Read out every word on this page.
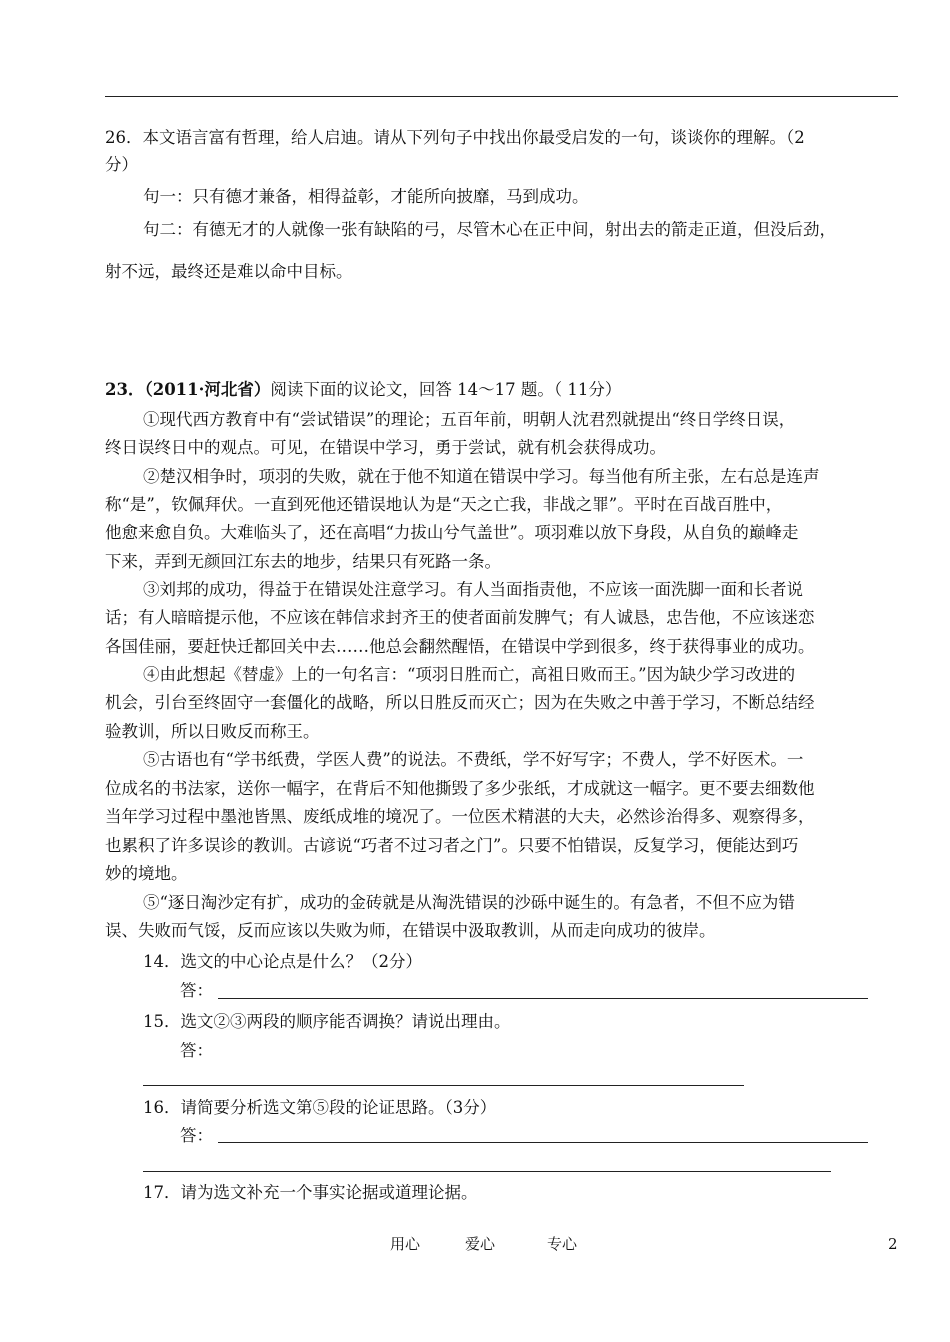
26．本文语言富有哲理，给人启迪。请从下列句子中找出你最受启发的一句，谈谈你的理解。（2
分）
句一：只有德才兼备，相得益彰，才能所向披靡，马到成功。
句二：有德无才的人就像一张有缺陷的弓，尽管木心在正中间，射出去的箭走正道，但没后劲，
射不远，最终还是难以命中目标。
23．（2011·河北省）阅读下面的议论文，回答 14～17 题。（ 11分）
①现代西方教育中有“尝试错误”的理论；五百年前，明朝人沈君烈就提出“终日学终日误，
终日误终日中的观点。可见，在错误中学习，勇于尝试，就有机会获得成功。
②楚汉相争时，项羽的失败，就在于他不知道在错误中学习。每当他有所主张，左右总是连声
称“是”，钦佩拜伏。一直到死他还错误地认为是“天之亡我，非战之罪”。平时在百战百胜中，
他愈来愈自负。大难临头了，还在高唱“力拔山兮气盖世”。项羽难以放下身段，从自负的巅峰走
下来，弄到无颜回江东去的地步，结果只有死路一条。
③刘邦的成功，得益于在错误处注意学习。有人当面指责他，不应该一面洗脚一面和长者说
话；有人暗暗提示他，不应该在韩信求封齐王的使者面前发脾气；有人诚恳，忠告他，不应该迷恋
各国佳丽，要赶快迁都回关中去……他总会翻然醒悟，在错误中学到很多，终于获得事业的成功。
④由此想起《替虚》上的一句名言：“项羽日胜而亡，高祖日败而王。”因为缺少学习改进的
机会，引台至终固守一套僵化的战略，所以日胜反而灭亡；因为在失败之中善于学习，不断总结经
验教训，所以日败反而称王。
⑤古语也有“学书纸费，学医人费”的说法。不费纸，学不好写字；不费人，学不好医术。一
位成名的书法家，送你一幅字，在背后不知他撕毁了多少张纸，才成就这一幅字。更不要去细数他
当年学习过程中墨池皆黑、废纸成堆的境况了。一位医术精湛的大夫，必然诊治得多、观察得多，
也累积了许多误诊的教训。古谚说“巧者不过习者之门”。只要不怕错误，反复学习，便能达到巧
妙的境地。
⑤“逐日淘沙定有扩，成功的金砖就是从淘洗错误的沙砾中诞生的。有急者，不但不应为错
误、失败而气馁，反而应该以失败为师，在错误中汲取教训，从而走向成功的彼岸。
14．选文的中心论点是什么？（2分）
答：
15．选文②③两段的顺序能否调换？请说出理由。
答：
16．请简要分析选文第⑤段的论证思路。（3分）
答：
17．请为选文补充一个事实论据或道理论据。
用心	爱心	专心	2
